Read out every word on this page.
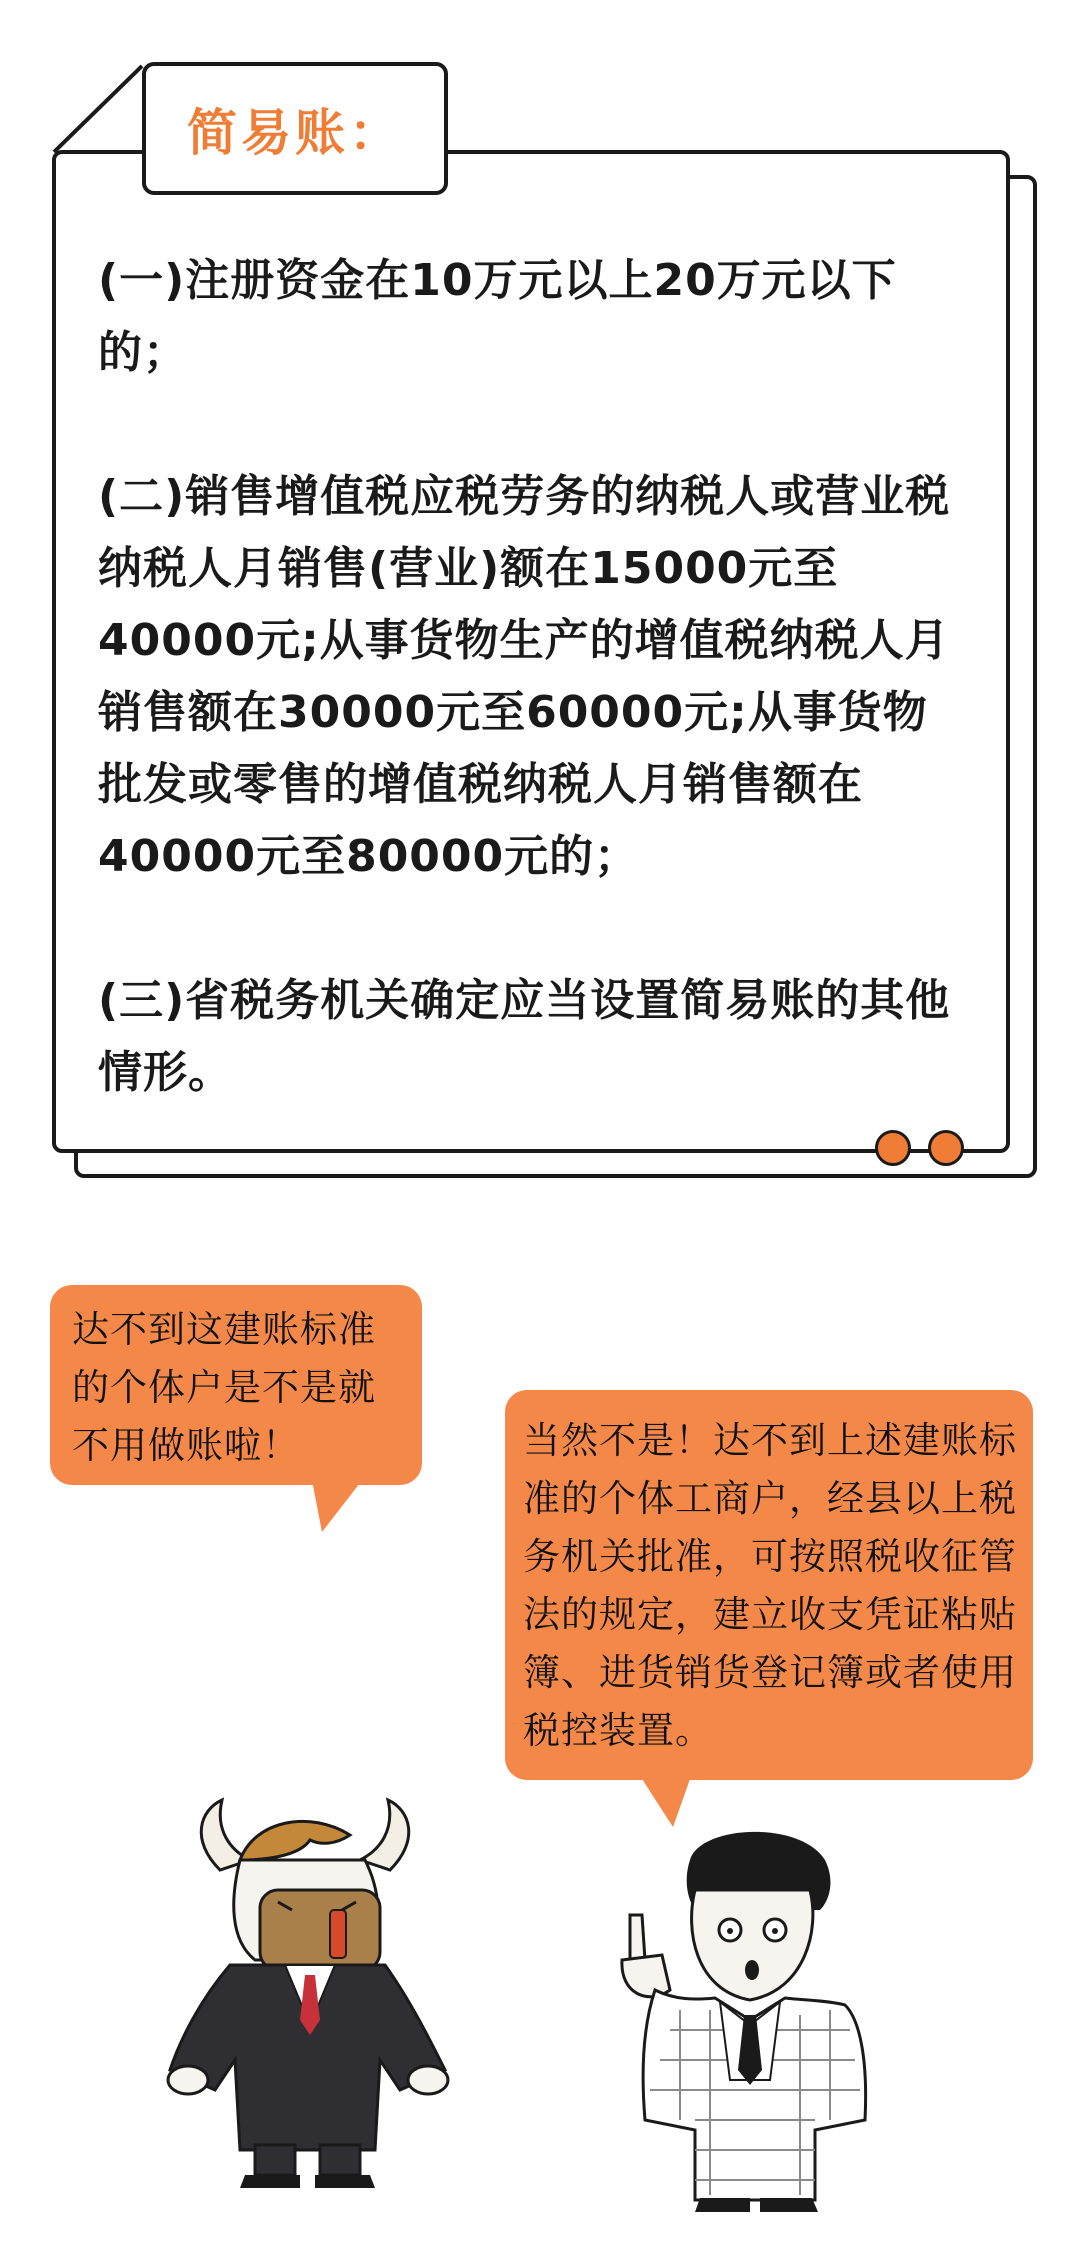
简易账：

(一)注册资金在10万元以上20万元以下的；

(二)销售增值税应税劳务的纳税人或营业税纳税人月销售(营业)额在15000元至40000元;从事货物生产的增值税纳税人月销售额在30000元至60000元;从事货物批发或零售的增值税纳税人月销售额在40000元至80000元的；

(三)省税务机关确定应当设置简易账的其他情形。

达不到这建账标准的个体户是不是就不用做账啦！	当然不是！达不到上述建账标准的个体工商户，经县以上税务机关批准，可按照税收征管法的规定，建立收支凭证粘贴簿、进货销货登记簿或者使用税控装置。
